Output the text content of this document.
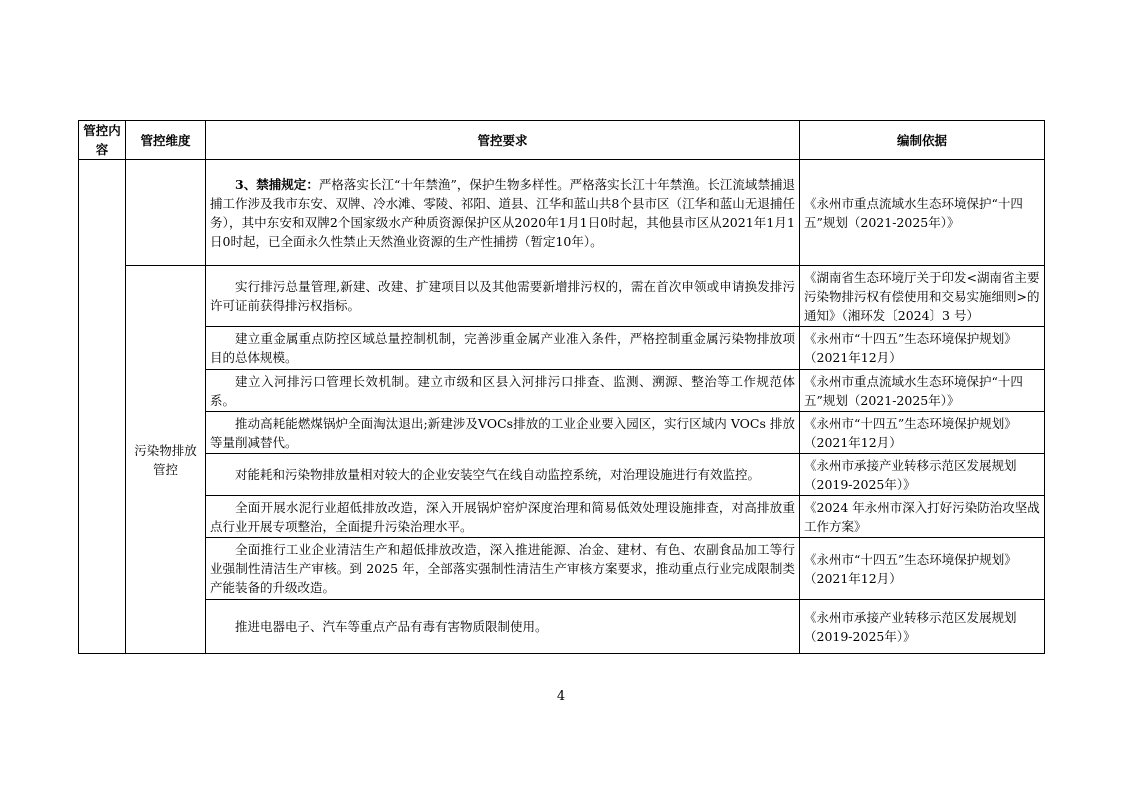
管控内容	管控维度	管控要求	编制依据
		3、禁捕规定：严格落实长江“十年禁渔”，保护生物多样性。严格落实长江十年禁渔。长江流域禁捕退捕工作涉及我市东安、双牌、冷水滩、零陵、祁阳、道县、江华和蓝山共8个县市区（江华和蓝山无退捕任务），其中东安和双牌2个国家级水产种质资源保护区从2020年1月1日0时起，其他县市区从2021年1月1日0时起，已全面永久性禁止天然渔业资源的生产性捕捞（暂定10年）。	《永州市重点流域水生态环境保护“十四五”规划（2021-2025年）》
	污染物排放管控	实行排污总量管理,新建、改建、扩建项目以及其他需要新增排污权的，需在首次申领或申请换发排污许可证前获得排污权指标。	《湖南省生态环境厅关于印发<湖南省主要污染物排污权有偿使用和交易实施细则>的通知》（湘环发〔2024〕3 号）
		建立重金属重点防控区域总量控制机制，完善涉重金属产业准入条件，严格控制重金属污染物排放项目的总体规模。	《永州市“十四五”生态环境保护规划》（2021年12月）
		建立入河排污口管理长效机制。建立市级和区县入河排污口排查、监测、溯源、整治等工作规范体系。	《永州市重点流域水生态环境保护“十四五”规划（2021-2025年）》
		推动高耗能燃煤锅炉全面淘汰退出;新建涉及VOCs排放的工业企业要入园区，实行区域内 VOCs 排放等量削减替代。	《永州市“十四五”生态环境保护规划》（2021年12月）
		对能耗和污染物排放量相对较大的企业安装空气在线自动监控系统，对治理设施进行有效监控。	《永州市承接产业转移示范区发展规划（2019-2025年）》
		全面开展水泥行业超低排放改造，深入开展锅炉窑炉深度治理和简易低效处理设施排查，对高排放重点行业开展专项整治，全面提升污染治理水平。	《2024 年永州市深入打好污染防治攻坚战工作方案》
		全面推行工业企业清洁生产和超低排放改造，深入推进能源、冶金、建材、有色、农副食品加工等行业强制性清洁生产审核。到 2025 年，全部落实强制性清洁生产审核方案要求，推动重点行业完成限制类产能装备的升级改造。	《永州市“十四五”生态环境保护规划》（2021年12月）
		推进电器电子、汽车等重点产品有毒有害物质限制使用。	《永州市承接产业转移示范区发展规划（2019-2025年）》
4
